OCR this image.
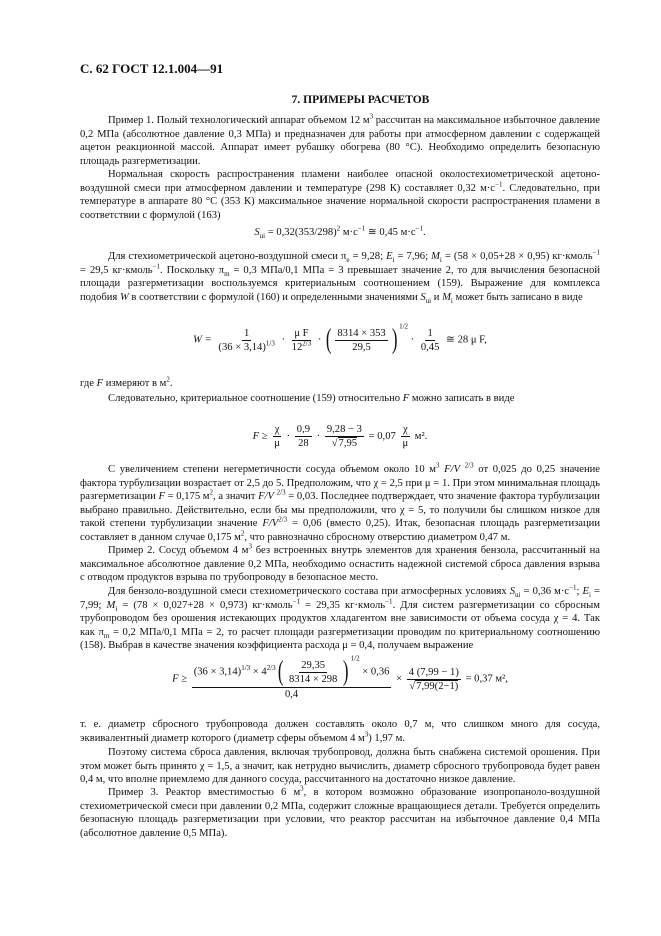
С. 62 ГОСТ 12.1.004—91
7. ПРИМЕРЫ РАСЧЕТОВ
Пример 1. Полый технологический аппарат объемом 12 $м^3$ рассчитан на максимальное избыточное давление 0,2 МПа (абсолютное давление 0,3 МПа) и предназначен для работы при атмосферном давлении с содержащей ацетон реакционной массой. Аппарат имеет рубашку обогрева (80 °С). Необходимо определить безопасную площадь разгерметизации.
Нормальная скорость распространения пламени наиболее опасной околостехиометрической ацетоно-воздушной смеси при атмосферном давлении и температуре (298 К) составляет 0,32 $м\cdot с^{-1}$. Следовательно, при температуре в аппарате 80 °С (353 К) максимальное значение нормальной скорости распространения пламени в соответствии с формулой (163)
$S_{ui} = 0,32(353/298)^2$ $м\cdot с^{-1}$ ≅ 0,45 $м\cdot с^{-1}$.
Для стехиометрической ацетоно-воздушной смеси $\pi_e = 9,28$; $E_i = 7,96$; $M_i = (58 \times 0,05+28 \times 0,95)$ кг·кмоль$^{-1}$ = 29,5 кг·кмоль$^{-1}$. Поскольку $\pi_m = 0,3$ МПа/0,1 МПа = 3 превышает значение 2, то для вычисления безопасной площади разгерметизации воспользуемся критериальным соотношением (159). Выражение для комплекса подобия W в соответствии с формулой (160) и определенными значениями $S_{ui}$ и $M_i$ может быть записано в виде
$W = \frac{1}{(36 \times 3,14)^{1/3}} \cdot \frac{\text{μ F}}{12^{2/3}}$ · ( $\frac{8314 \times 353}{29,5}$ ) $^{1/2} \cdot \frac{1}{0,45}$ ≅ 28 μ F,
где F измеряют в $м^2$.
Следовательно, критериальное соотношение (159) относительно F можно записать в виде
$F \ge \frac{\chi}{\mu} \cdot \frac{0,9}{28} \cdot \frac{9,28 - 3}{√7,95} = 0,07 \frac{\chi}{\mu} м^2$.
С увеличением степени негерметичности сосуда объемом около 10 $м^3$ F/V $^{2/3}$ от 0,025 до 0,25 значение фактора турбулизации возрастает от 2,5 до 5. Предположим, что χ = 2,5 при μ = 1. При этом минимальная площадь разгерметизации F = 0,175 $м^2$, а значит F/V $^{2/3}$ = 0,03. Последнее подтверждает, что значение фактора турбулизации выбрано правильно. Действительно, если бы мы предположили, что χ = 5, то получили бы слишком низкое для такой степени турбулизации значение $F/V^{2/3} = 0,06$ (вместо 0,25). Итак, безопасная площадь разгерметизации составляет в данном случае 0,175 $м^2$, что равнозначно сбросному отверстию диаметром 0,47 м.
Пример 2. Сосуд объемом 4 $м^3$ без встроенных внутрь элементов для хранения бензола, рассчитанный на максимальное абсолютное давление 0,2 МПа, необходимо оснастить надежной системой сброса давления взрыва с отводом продуктов взрыва по трубопроводу в безопасное место.
Для бензоло-воздушной смеси стехиометрического состава при атмосферных условиях $S_{ui} = 0,36$ $м\cdot с^{-1}$; $E_i = 7,99$; $M_i = (78 \times 0,027+28 \times 0,973)$ кг·кмоль$^{-1}$ = 29,35 кг·кмоль$^{-1}$. Для систем разгерметизации со сбросным трубопроводом без орошения истекающих продуктов хладагентом вне зависимости от объема сосуда χ = 4. Так как $\pi_m = 0,2$ МПа/0,1 МПа = 2, то расчет площади разгерметизации проводим по критериальному соотношению (158). Выбрав в качестве значения коэффициента расхода μ = 0,4, получаем выражение
$F \ge \frac{(36 \times 3,14)^{1/3} \times 4^{2/3}( \frac{29,35}{8314 \times 298} ) ^{1/2} \times 0,36}{0,4} \times \frac{4 (7,99 - 1)}{√7,99(2-1)} = 0,37$ м²,
т. е. диаметр сбросного трубопровода должен составлять около 0,7 м, что слишком много для сосуда, эквивалентный диаметр которого (диаметр сферы объемом 4 $м^3$) 1,97 м.
Поэтому система сброса давления, включая трубопровод, должна быть снабжена системой орошения. При этом может быть принято χ = 1,5, а значит, как нетрудно вычислить, диаметр сбросного трубопровода будет равен 0,4 м, что вполне приемлемо для данного сосуда, рассчитанного на достаточно низкое давление.
Пример 3. Реактор вместимостью 6 $м^3$, в котором возможно образование изопропаноло-воздушной стехиометрической смеси при давлении 0,2 МПа, содержит сложные вращающиеся детали. Требуется определить безопасную площадь разгерметизации при условии, что реактор рассчитан на избыточное давление 0,4 МПа (абсолютное давление 0,5 МПа).
